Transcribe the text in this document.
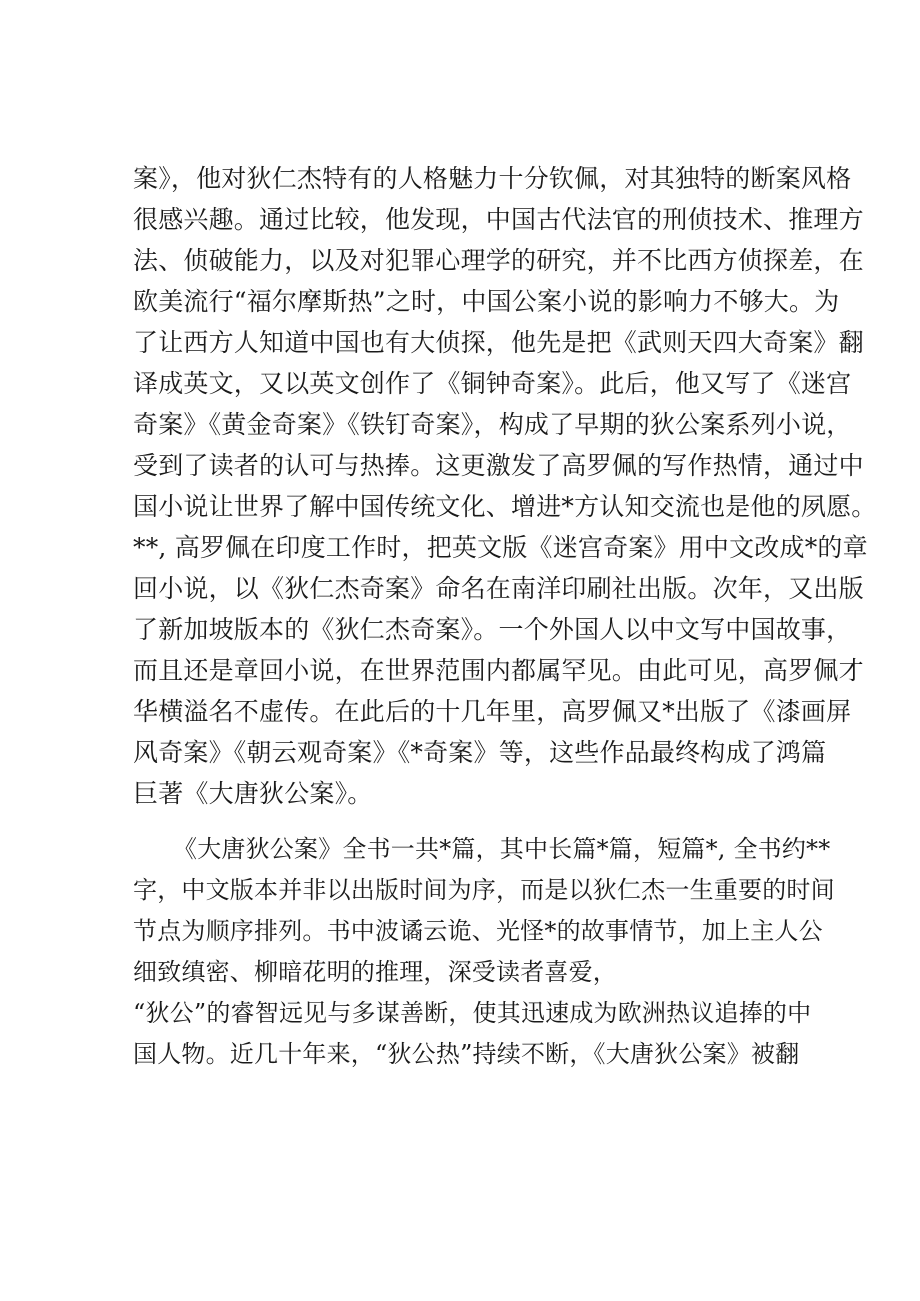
案》，他对狄仁杰特有的人格魅力十分钦佩，对其独特的断案风格
很感兴趣。通过比较，他发现，中国古代法官的刑侦技术、推理方
法、侦破能力，以及对犯罪心理学的研究，并不比西方侦探差，在
欧美流行“福尔摩斯热”之时，中国公案小说的影响力不够大。为
了让西方人知道中国也有大侦探，他先是把《武则天四大奇案》翻
译成英文，又以英文创作了《铜钟奇案》。此后，他又写了《迷宫
奇案》《黄金奇案》《铁钉奇案》，构成了早期的狄公案系列小说，
受到了读者的认可与热捧。这更激发了高罗佩的写作热情，通过中
国小说让世界了解中国传统文化、增进*方认知交流也是他的夙愿。
**, 高罗佩在印度工作时，把英文版《迷宫奇案》用中文改成*的章
回小说，以《狄仁杰奇案》命名在南洋印刷社出版。次年，又出版
了新加坡版本的《狄仁杰奇案》。一个外国人以中文写中国故事，
而且还是章回小说，在世界范围内都属罕见。由此可见，高罗佩才
华横溢名不虚传。在此后的十几年里，高罗佩又*出版了《漆画屏
风奇案》《朝云观奇案》《*奇案》等，这些作品最终构成了鸿篇
巨著《大唐狄公案》。
《大唐狄公案》全书一共*篇，其中长篇*篇，短篇*, 全书约**
字，中文版本并非以出版时间为序，而是以狄仁杰一生重要的时间
节点为顺序排列。书中波谲云诡、光怪*的故事情节，加上主人公
细致缜密、柳暗花明的推理，深受读者喜爱，
“狄公”的睿智远见与多谋善断，使其迅速成为欧洲热议追捧的中
国人物。近几十年来，“狄公热”持续不断，《大唐狄公案》被翻
